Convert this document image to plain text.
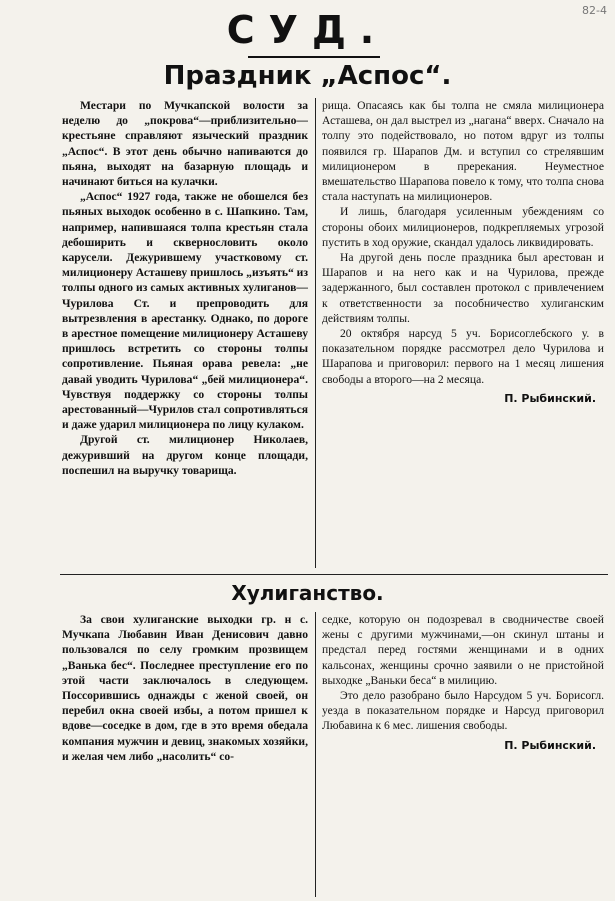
82-4
СУД.
Праздник „Аспос“.

Местари по Мучкапской волости за неделю до „покрова“—приблизительно—крестьяне справляют языческий праздник „Аспос“. В этот день обычно напиваются до пьяна, выходят на базарную площадь и начинают биться на кулачки.

„Аспос“ 1927 года, также не обошелся без пьяных выходок особенно в с. Шапкино. Там, например, напившаяся толпа крестьян стала дебоширить и сквернословить около карусели. Дежурившему участковому ст. милиционеру Асташеву пришлось „изъять“ из толпы одного из самых активных хулиганов—Чурилова Ст. и препроводить для вытрезвления в арестанку. Однако, по дороге в арестное помещение милиционеру Асташеву пришлось встретить со стороны толпы сопротивление. Пьяная орава ревела: „не давай уводить Чурилова“ „бей милиционера“. Чувствуя поддержку со стороны толпы арестованный—Чурилов стал сопротивляться и даже ударил милиционера по лицу кулаком.

Другой ст. милиционер Николаев, дежуривший на другом конце площади, поспешил на выручку товарища.

рища. Опасаясь как бы толпа не смяла милиционера Асташева, он дал выстрел из „нагана“ вверх. Сначало на толпу это подействовало, но потом вдруг из толпы появился гр. Шарапов Дм. и вступил со стрелявшим милиционером в пререкания. Неуместное вмешательство Шарапова повело к тому, что толпа снова стала наступать на милиционеров.

И лишь, благодаря усиленным убеждениям со стороны обоих милиционеров, подкрепляемых угрозой пустить в ход оружие, скандал удалось ликвидировать.

На другой день после праздника был арестован и Шарапов и на него как и на Чурилова, прежде задержанного, был составлен протокол с привлечением к ответственности за пособничество хулиганским действиям толпы.

20 октября нарсуд 5 уч. Борисоглебского у. в показательном порядке рассмотрел дело Чурилова и Шарапова и приговорил: первого на 1 месяц лишения свободы а второго—на 2 месяца.

П. Рыбинский.

Хулиганство.

За свои хулиганские выходки гр. н с. Мучкапа Любавин Иван Денисович давно пользовался по селу громким прозвищем „Ванька бес“. Последнее преступление его по этой части заключалось в следующем. Поссорившись однажды с женой своей, он перебил окна своей избы, а потом пришел к вдове—соседке в дом, где в это время обедала компания мужчин и девиц, знакомых хозяйки, и желая чем либо „насолить“ со-

седке, которую он подозревал в сводничестве своей жены с другими мужчинами,—он скинул штаны и предстал перед гостями женщинами и в одних кальсонах, женщины срочно заявили о не пристойной выходке „Ваньки беса“ в милицию.

Это дело разобрано было Нарсудом 5 уч. Борисогл. уезда в показательном порядке и Нарсуд приговорил Любавина к 6 мес. лишения свободы.

П. Рыбинский.
